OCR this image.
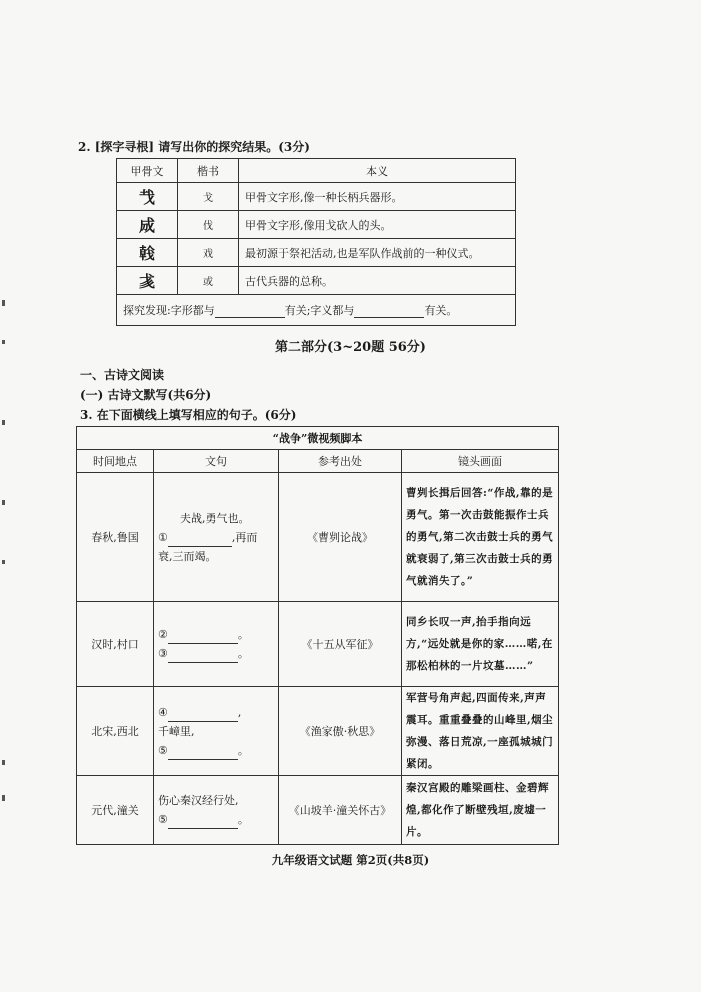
2. [探字寻根] 请写出你的探究结果。(3分)
甲骨文	楷书	本义
𢦏	戈	甲骨文字形,像一种长柄兵器形。
𢦓	伐	甲骨文字形,像用戈砍人的头。
𢧢	戏	最初源于祭祀活动,也是军队作战前的一种仪式。
𢦑	或	古代兵器的总称。
探究发现:字形都与 有关;字义都与 有关。		
第二部分(3~20题 56分)
一、古诗文阅读
(一) 古诗文默写(共6分)
3. 在下面横线上填写相应的句子。(6分)
“战争”微视频脚本			
时间地点	文句	参考出处	镜头画面
春秋,鲁国	夫战,勇气也。
① ,再而
衰,三而竭。	《曹刿论战》	曹刿长揖后回答:“作战,靠的是勇气。第一次击鼓能振作士兵的勇气,第二次击鼓士兵的勇气就衰弱了,第三次击鼓士兵的勇气就消失了。”
汉时,村口	② 。
③ 。	《十五从军征》	同乡长叹一声,抬手指向远方,“远处就是你的家……喏,在那松柏林的一片坟墓……”
北宋,西北	④ ,
千嶂里,
⑤ 。	《渔家傲·秋思》	军营号角声起,四面传来,声声震耳。重重叠叠的山峰里,烟尘弥漫、落日荒凉,一座孤城城门紧闭。
元代,潼关	伤心秦汉经行处,
⑤ 。	《山坡羊·潼关怀古》	秦汉宫殿的雕梁画柱、金碧辉煌,都化作了断壁残垣,废墟一片。
九年级语文试题 第2页(共8页)
